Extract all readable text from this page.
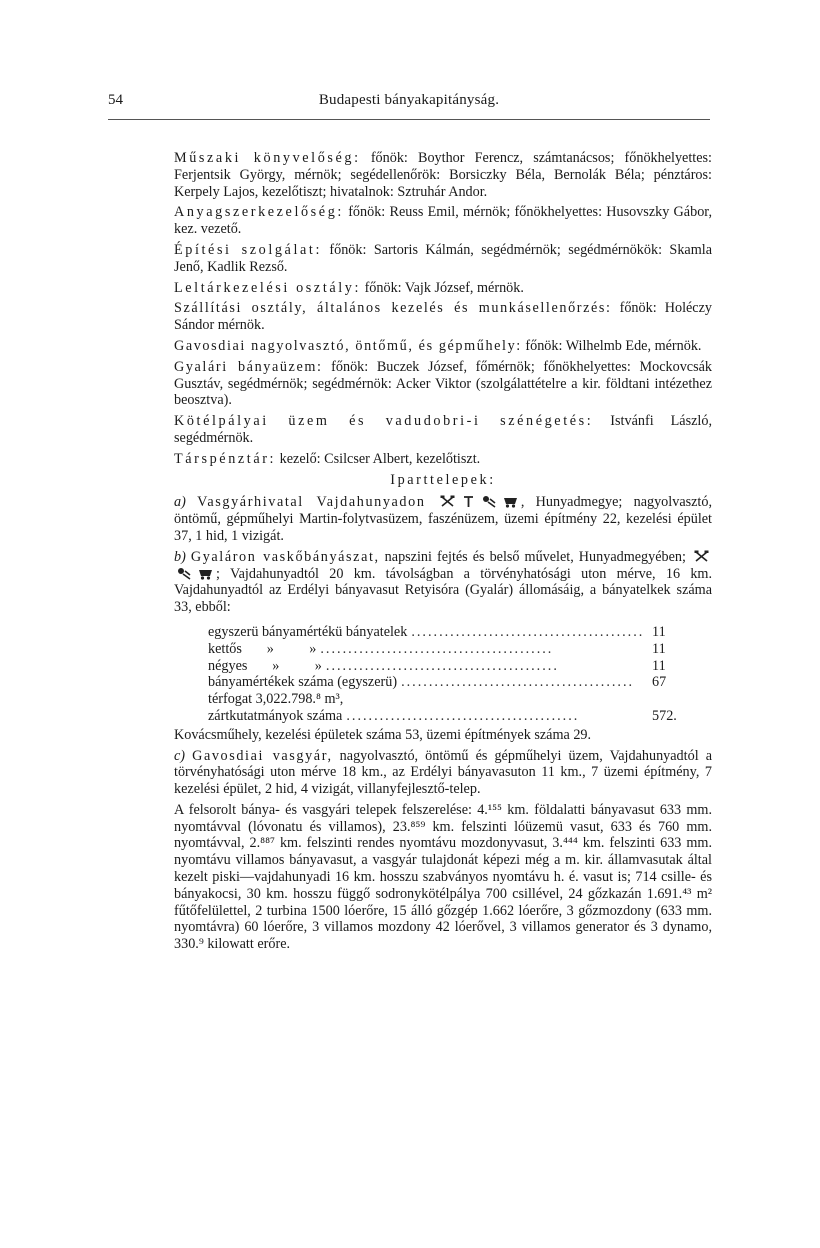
54	Budapesti bányakapitányság.

Műszaki könyvelőség: főnök: Boythor Ferencz, számtanácsos; főnökhelyettes: Ferjentsik György, mérnök; segédellenőrök: Borsiczky Béla, Bernolák Béla; pénztáros: Kerpely Lajos, kezelőtiszt; hivatalnok: Sztruhár Andor.

Anyagszerkezelőség: főnök: Reuss Emil, mérnök; főnökhelyettes: Husovszky Gábor, kez. vezető.

Építési szolgálat: főnök: Sartoris Kálmán, segédmérnök; segédmérnökök: Skamla Jenő, Kadlik Rezső.

Leltárkezelési osztály: főnök: Vajk József, mérnök.

Szállítási osztály, általános kezelés és munkásellenőrzés: főnök: Holéczy Sándor mérnök.

Gavosdiai nagyolvasztó, öntőmű, és gépműhely: főnök: Wilhelmb Ede, mérnök.

Gyalári bányaüzem: főnök: Buczek József, főmérnök; főnökhelyettes: Mockovcsák Gusztáv, segédmérnök; segédmérnök: Acker Viktor (szolgálattételre a kir. földtani intézethez beosztva).

Kötélpályai üzem és vadudobri-i szénégetés: Istvánfi László, segédmérnök.

Társpénztár: kezelő: Csilcser Albert, kezelőtiszt.

Iparttelepek:

a) Vasgyárhivatal Vajdahunyadon	, Hunyadmegye; nagyolvasztó, öntömű, gépműhelyi Martin-folytvasüzem, faszénüzem, üzemi építmény 22, kezelési épület 37, 1 hid, 1 vizigát.

b) Gyaláron vaskőbányászat, napszini fejtés és belső művelet, Hunyadmegyében; ; Vajdahunyadtól 20 km. távolságban a törvényhatósági uton mérve, 16 km. Vajdahunyadtól az Erdélyi bányavasut Retyisóra (Gyalár) állomásáig, a bányatelkek száma 33, ebből:

egyszerü bányamértékü bányatelek .......................................... 11
kettős       »          » ..........................................	11
négyes       »          » ..........................................	11
bányamértékek száma (egyszerü) ..........................................	67
térfogat 3,022.798.⁸ m³,
zártkutatmányok száma ..........................................	572.

Kovácsműhely, kezelési épületek száma 53, üzemi építmények száma 29.

c) Gavosdiai vasgyár, nagyolvasztó, öntömű és gépműhelyi üzem, Vajdahunyadtól a törvényhatósági uton mérve 18 km., az Erdélyi bányavasuton 11 km., 7 üzemi építmény, 7 kezelési épület, 2 hid, 4 vizigát, villanyfejlesztő-telep.

A felsorolt bánya- és vasgyári telepek felszerelése: 4.¹⁵⁵ km. földalatti bányavasut 633 mm. nyomtávval (lóvonatu és villamos), 23.⁸⁵⁹ km. felszinti lóüzemü vasut, 633 és 760 mm. nyomtávval, 2.⁸⁸⁷ km. felszinti rendes nyomtávu mozdonyvasut, 3.⁴⁴⁴ km. felszinti 633 mm. nyomtávu villamos bányavasut, a vasgyár tulajdonát képezi még a m. kir. államvasutak által kezelt piski—vajdahunyadi 16 km. hosszu szabványos nyomtávu h. é. vasut is; 714 csille- és bányakocsi, 30 km. hosszu függő sodronykötélpálya 700 csillével, 24 gőzkazán 1.691.⁴³ m² fűtőfelülettel, 2 turbina 1500 lóerőre, 15 álló gőzgép 1.662 lóerőre, 3 gőzmozdony (633 mm. nyomtávra) 60 lóerőre, 3 villamos mozdony 42 lóerővel, 3 villamos generator és 3 dynamo, 330.⁹ kilowatt erőre.
